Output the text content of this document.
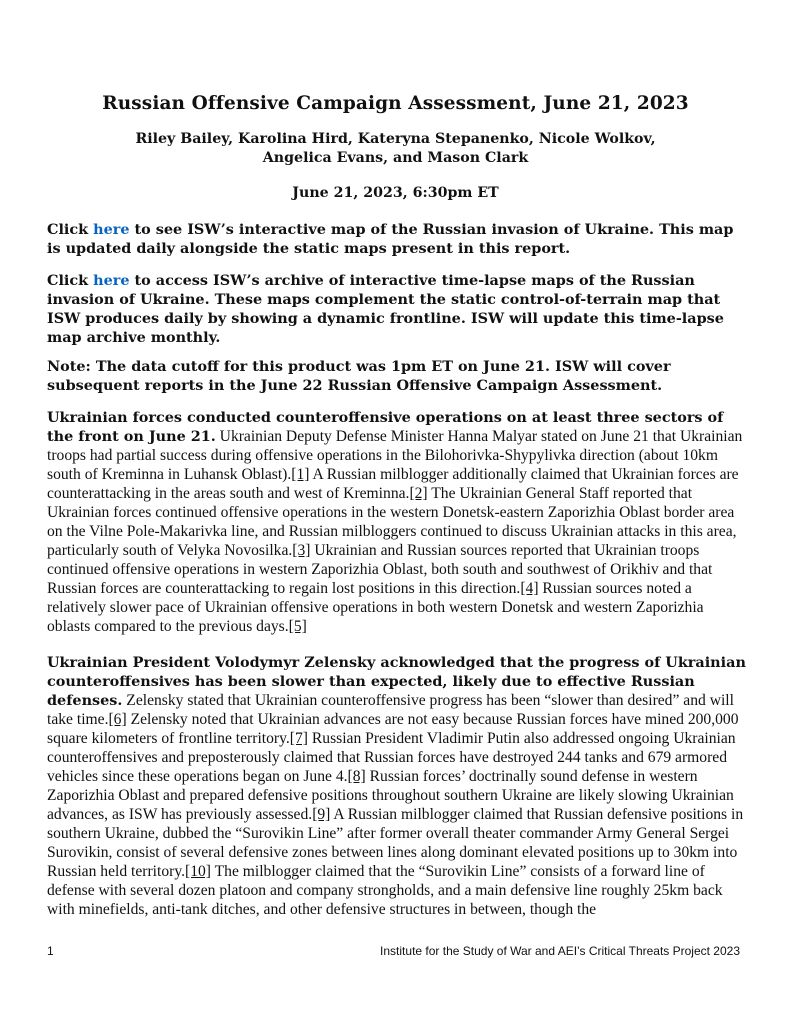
Russian Offensive Campaign Assessment, June 21, 2023
Riley Bailey, Karolina Hird, Kateryna Stepanenko, Nicole Wolkov,
Angelica Evans, and Mason Clark
June 21, 2023, 6:30pm ET

Click here to see ISW’s interactive map of the Russian invasion of Ukraine. This map is updated daily alongside the static maps present in this report.

Click here to access ISW’s archive of interactive time-lapse maps of the Russian invasion of Ukraine. These maps complement the static control-of-terrain map that ISW produces daily by showing a dynamic frontline. ISW will update this time-lapse map archive monthly.

Note: The data cutoff for this product was 1pm ET on June 21. ISW will cover subsequent reports in the June 22 Russian Offensive Campaign Assessment.

Ukrainian forces conducted counteroffensive operations on at least three sectors of the front on June 21. Ukrainian Deputy Defense Minister Hanna Malyar stated on June 21 that Ukrainian troops had partial success during offensive operations in the Bilohorivka-Shypylivka direction (about 10km south of Kreminna in Luhansk Oblast).[1] A Russian milblogger additionally claimed that Ukrainian forces are counterattacking in the areas south and west of Kreminna.[2] The Ukrainian General Staff reported that Ukrainian forces continued offensive operations in the western Donetsk-eastern Zaporizhia Oblast border area on the Vilne Pole-Makarivka line, and Russian milbloggers continued to discuss Ukrainian attacks in this area, particularly south of Velyka Novosilka.[3] Ukrainian and Russian sources reported that Ukrainian troops continued offensive operations in western Zaporizhia Oblast, both south and southwest of Orikhiv and that Russian forces are counterattacking to regain lost positions in this direction.[4] Russian sources noted a relatively slower pace of Ukrainian offensive operations in both western Donetsk and western Zaporizhia oblasts compared to the previous days.[5]

Ukrainian President Volodymyr Zelensky acknowledged that the progress of Ukrainian counteroffensives has been slower than expected, likely due to effective Russian defenses. Zelensky stated that Ukrainian counteroffensive progress has been “slower than desired” and will take time.[6] Zelensky noted that Ukrainian advances are not easy because Russian forces have mined 200,000 square kilometers of frontline territory.[7] Russian President Vladimir Putin also addressed ongoing Ukrainian counteroffensives and preposterously claimed that Russian forces have destroyed 244 tanks and 679 armored vehicles since these operations began on June 4.[8] Russian forces’ doctrinally sound defense in western Zaporizhia Oblast and prepared defensive positions throughout southern Ukraine are likely slowing Ukrainian advances, as ISW has previously assessed.[9] A Russian milblogger claimed that Russian defensive positions in southern Ukraine, dubbed the “Surovikin Line” after former overall theater commander Army General Sergei Surovikin, consist of several defensive zones between lines along dominant elevated positions up to 30km into Russian held territory.[10] The milblogger claimed that the “Surovikin Line” consists of a forward line of defense with several dozen platoon and company strongholds, and a main defensive line roughly 25km back with minefields, anti-tank ditches, and other defensive structures in between, though the

1	Institute for the Study of War and AEI’s Critical Threats Project 2023
